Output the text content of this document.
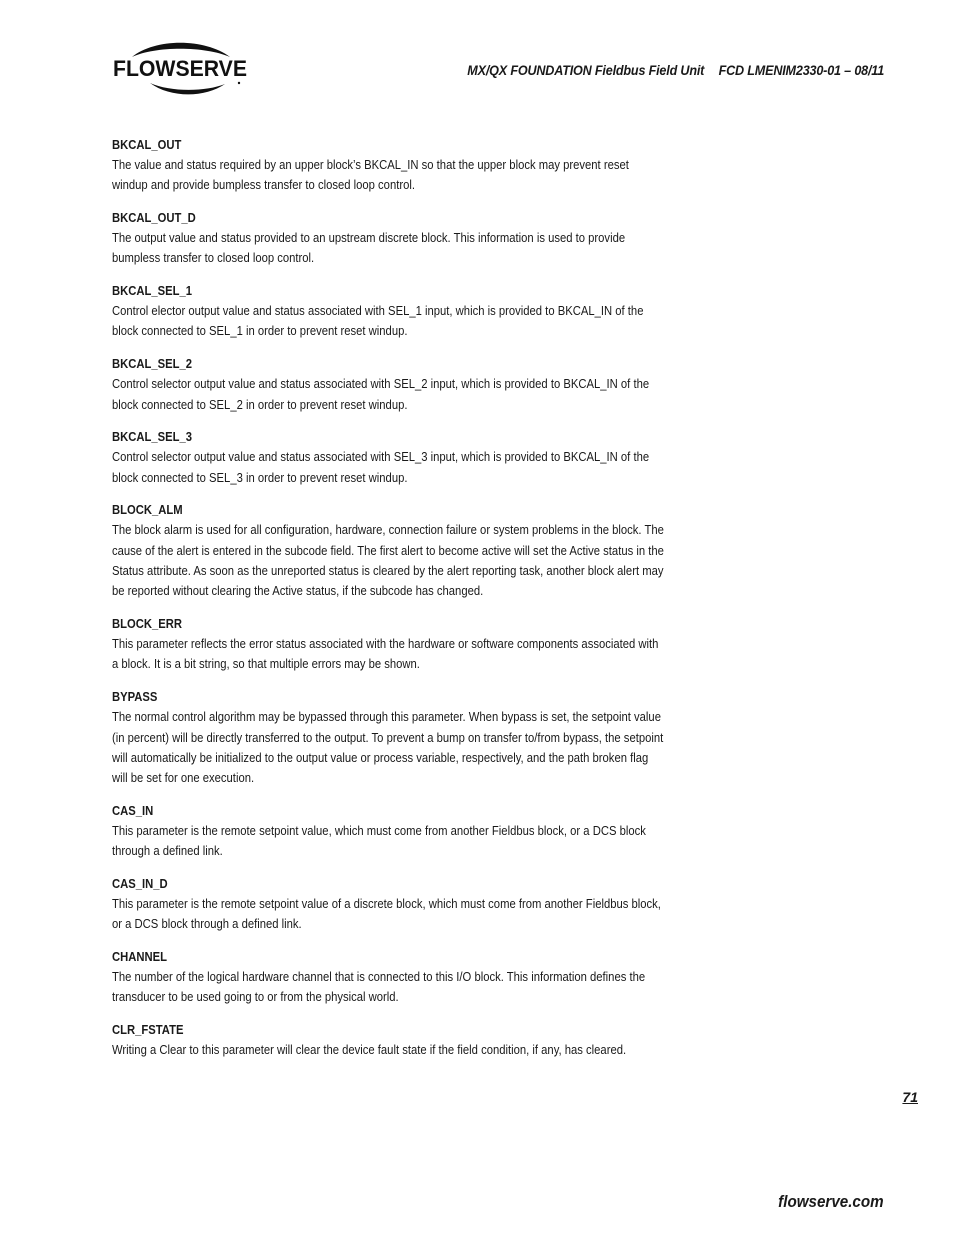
FLOWSERVE	MX/QX FOUNDATION Fieldbus Field Unit FCD LMENIM2330-01 – 08/11
BKCAL_OUT
The value and status required by an upper block’s BKCAL_IN so that the upper block may prevent reset windup and provide bumpless transfer to closed loop control.
BKCAL_OUT_D
The output value and status provided to an upstream discrete block. This information is used to provide bumpless transfer to closed loop control.
BKCAL_SEL_1
Control elector output value and status associated with SEL_1 input, which is provided to BKCAL_IN of the block connected to SEL_1 in order to prevent reset windup.
BKCAL_SEL_2
Control selector output value and status associated with SEL_2 input, which is provided to BKCAL_IN of the block connected to SEL_2 in order to prevent reset windup.
BKCAL_SEL_3
Control selector output value and status associated with SEL_3 input, which is provided to BKCAL_IN of the block connected to SEL_3 in order to prevent reset windup.
BLOCK_ALM
The block alarm is used for all configuration, hardware, connection failure or system problems in the block. The cause of the alert is entered in the subcode field. The first alert to become active will set the Active status in the Status attribute. As soon as the unreported status is cleared by the alert reporting task, another block alert may be reported without clearing the Active status, if the subcode has changed.
BLOCK_ERR
This parameter reflects the error status associated with the hardware or software components associated with a block. It is a bit string, so that multiple errors may be shown.
BYPASS
The normal control algorithm may be bypassed through this parameter. When bypass is set, the setpoint value (in percent) will be directly transferred to the output. To prevent a bump on transfer to/from bypass, the setpoint will automatically be initialized to the output value or process variable, respectively, and the path broken flag will be set for one execution.
CAS_IN
This parameter is the remote setpoint value, which must come from another Fieldbus block, or a DCS block through a defined link.
CAS_IN_D
This parameter is the remote setpoint value of a discrete block, which must come from another Fieldbus block, or a DCS block through a defined link.
CHANNEL
The number of the logical hardware channel that is connected to this I/O block. This information defines the transducer to be used going to or from the physical world.
CLR_FSTATE
Writing a Clear to this parameter will clear the device fault state if the field condition, if any, has cleared.
71
flowserve.com
